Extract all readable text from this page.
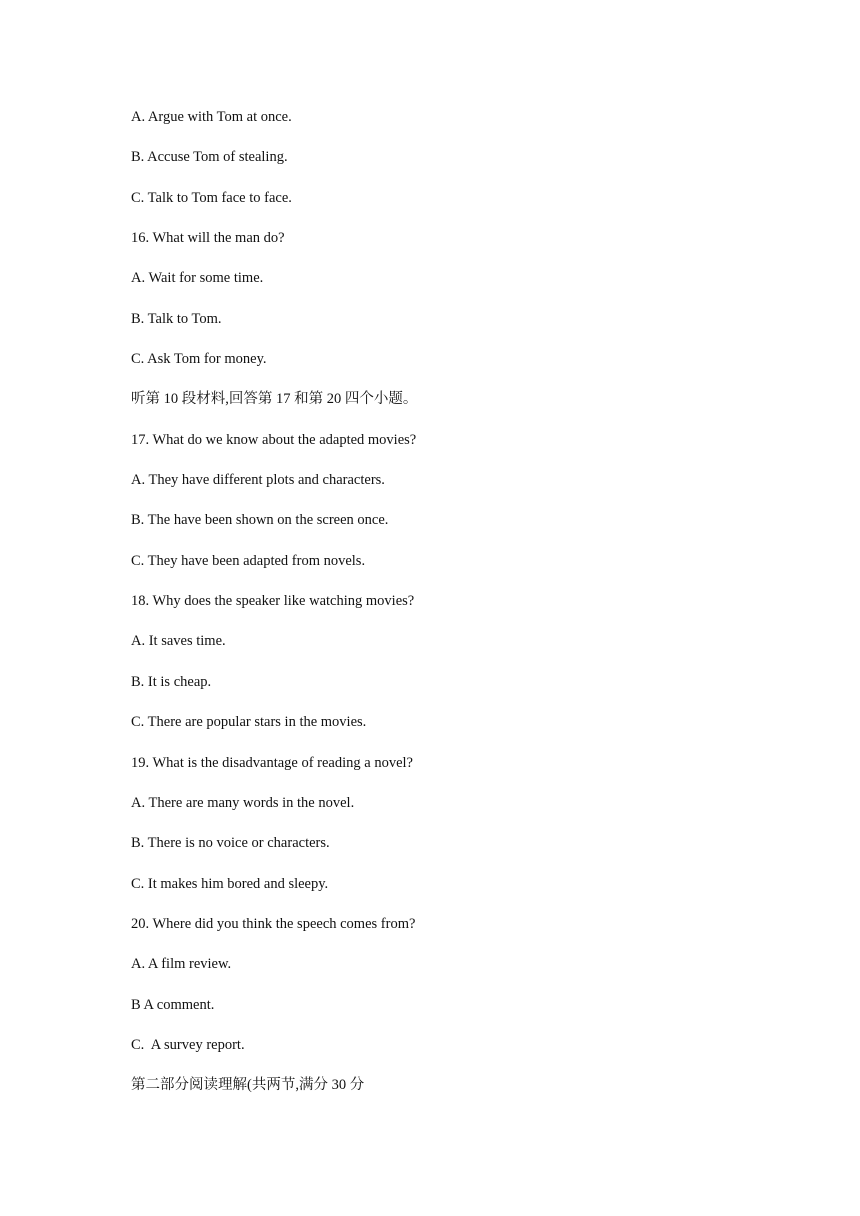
A. Argue with Tom at once.
B. Accuse Tom of stealing.
C. Talk to Tom face to face.
16. What will the man do?
A. Wait for some time.
B. Talk to Tom.
C. Ask Tom for money.
听第 10 段材料,回答第 17 和第 20 四个小题。
17. What do we know about the adapted movies?
A. They have different plots and characters.
B. The have been shown on the screen once.
C. They have been adapted from novels.
18. Why does the speaker like watching movies?
A. It saves time.
B. It is cheap.
C. There are popular stars in the movies.
19. What is the disadvantage of reading a novel?
A. There are many words in the novel.
B. There is no voice or characters.
C. It makes him bored and sleepy.
20. Where did you think the speech comes from?
A. A film review.
B A comment.
C.  A survey report.
第二部分阅读理解(共两节,满分 30 分
